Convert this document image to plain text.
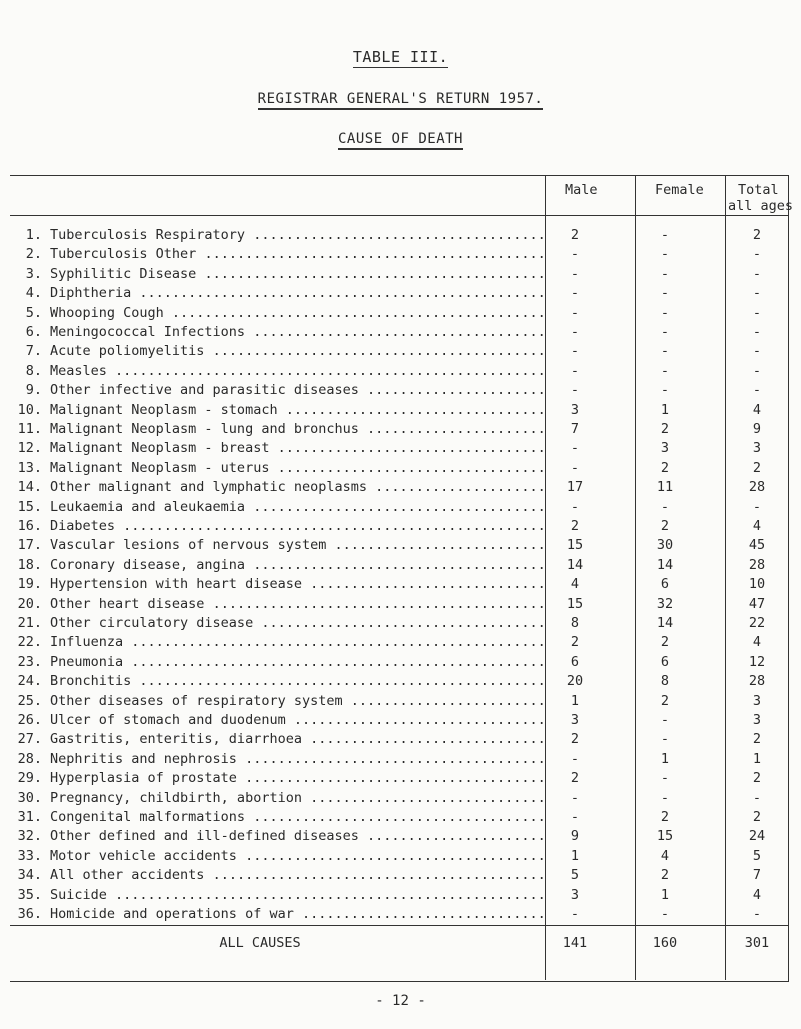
TABLE III.
REGISTRAR GENERAL'S RETURN 1957.
CAUSE OF DEATH
Male	Female	Total
all ages
1. Tuberculosis Respiratory .....	2	-	2
2. Tuberculosis Other .....	-	-	-
3. Syphilitic Disease .....	-	-	-
4. Diphtheria .....	-	-	-
5. Whooping Cough .....	-	-	-
6. Meningococcal Infections .....	-	-	-
7. Acute poliomyelitis .....	-	-	-
8. Measles .....	-	-	-
9. Other infective and parasitic diseases .....	-	-	-
10. Malignant Neoplasm - stomach .....	3	1	4
11. Malignant Neoplasm - lung and bronchus .....	7	2	9
12. Malignant Neoplasm - breast .....	-	3	3
13. Malignant Neoplasm - uterus .....	-	2	2
14. Other malignant and lymphatic neoplasms .....	17	11	28
15. Leukaemia and aleukaemia .....	-	-	-
16. Diabetes .....	2	2	4
17. Vascular lesions of nervous system .....	15	30	45
18. Coronary disease, angina .....	14	14	28
19. Hypertension with heart disease .....	4	6	10
20. Other heart disease .....	15	32	47
21. Other circulatory disease .....	8	14	22
22. Influenza .....	2	2	4
23. Pneumonia .....	6	6	12
24. Bronchitis .....	20	8	28
25. Other diseases of respiratory system .....	1	2	3
26. Ulcer of stomach and duodenum .....	3	-	3
27. Gastritis, enteritis, diarrhoea .....	2	-	2
28. Nephritis and nephrosis .....	-	1	1
29. Hyperplasia of prostate .....	2	-	2
30. Pregnancy, childbirth, abortion .....	-	-	-
31. Congenital malformations .....	-	2	2
32. Other defined and ill-defined diseases .....	9	15	24
33. Motor vehicle accidents .....	1	4	5
34. All other accidents .....	5	2	7
35. Suicide .....	3	1	4
36. Homicide and operations of war .....	-	-	-
ALL CAUSES	141	160	301
- 12 -
